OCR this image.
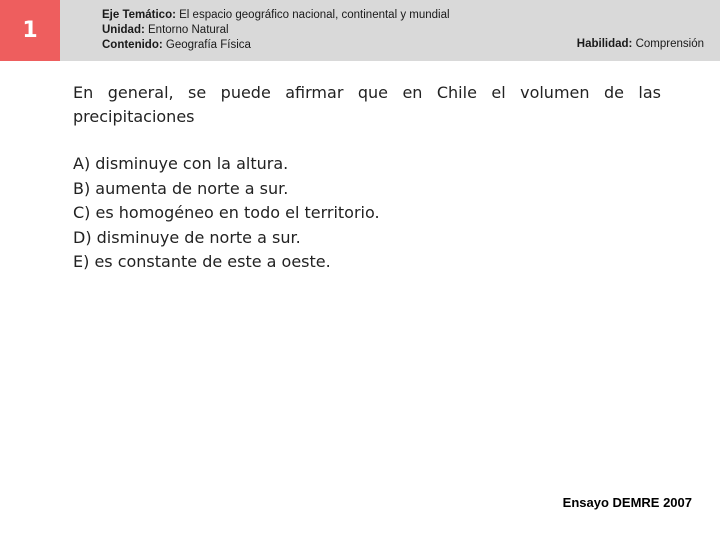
1
Eje Temático: El espacio geográfico nacional, continental y mundial
Unidad: Entorno Natural
Contenido: Geografía Física	Habilidad: Comprensión
En general, se puede afirmar que en Chile el volumen de las precipitaciones
A) disminuye con la altura.
B) aumenta de norte a sur.
C) es homogéneo en todo el territorio.
D) disminuye de norte a sur.
E) es constante de este a oeste.
Ensayo DEMRE 2007
